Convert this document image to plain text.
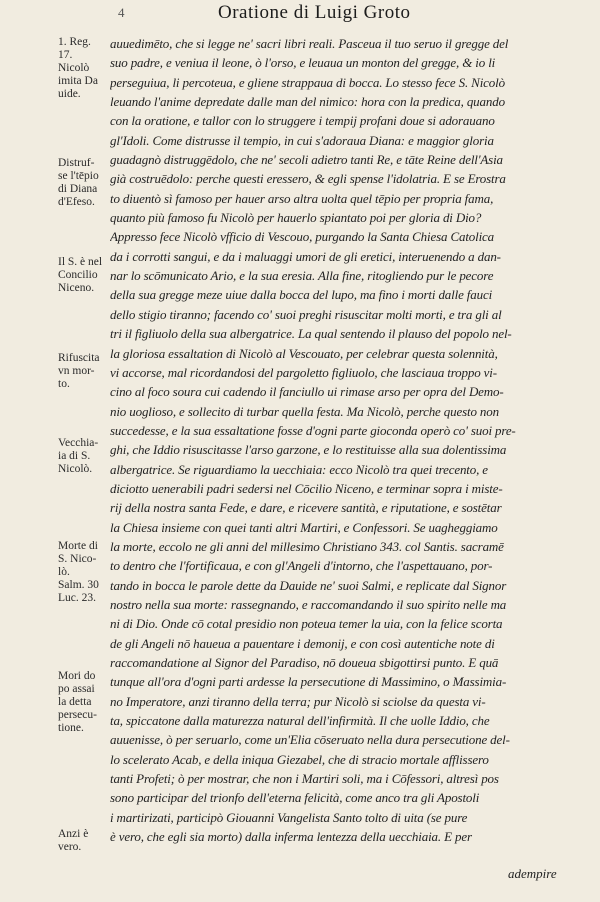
4	Oratione di Luigi Groto
1. Reg.
17.
Nicolò
imita Da
uide.
Distruf-
se l'tēpio
di Diana
d'Efeso.
Il S. è nel
Concilio
Niceno.
Rifuscita
vn mor-
to.
Vecchia-
ia di S.
Nicolò.
Morte di
S. Nico-
lò.
Salm. 30
Luc. 23.
Mori do
po assai
la detta
persecu-
tione.
Anzi è
vero.
auuedimēto, che si legge ne' sacri libri reali. Pasceua il tuo seruo il gregge del
suo padre, e veniua il leone, ò l'orso, e leuaua un monton del gregge, & io li
perseguiua, li percoteua, e gliene strappaua di bocca. Lo stesso fece S. Nicolò
leuando l'anime depredate dalle man del nimico: hora con la predica, quando
con la oratione, e tallor con lo struggere i tempij profani doue si adorauano
gl'Idoli. Come distrusse il tempio, in cui s'adoraua Diana: e maggior gloria
guadagnò distruggēdolo, che ne' secoli adietro tanti Re, e tāte Reine dell'Asia
già costruēdolo: perche questi eressero, & egli spense l'idolatria. E se Erostra
to diuentò sì famoso per hauer arso altra uolta quel tēpio per propria fama,
quanto più famoso fu Nicolò per hauerlo spiantato poi per gloria di Dio?
Appresso fece Nicolò vfficio di Vescouo, purgando la Santa Chiesa Catolica
da i corrotti sangui, e da i maluaggi umori de gli eretici, interuenendo a dan-
nar lo scōmunicato Ario, e la sua eresia. Alla fine, ritogliendo pur le pecore
della sua gregge meze uiue dalla bocca del lupo, ma fino i morti dalle fauci
dello stigio tiranno; facendo co' suoi preghi risuscitar molti morti, e tra gli al
tri il figliuolo della sua albergatrice. La qual sentendo il plauso del popolo nel-
la gloriosa essaltation di Nicolò al Vescouato, per celebrar questa solennità,
vi accorse, mal ricordandosi del pargoletto figliuolo, che lasciaua troppo vi-
cino al foco soura cui cadendo il fanciullo ui rimase arso per opra del Demo-
nio uoglioso, e sollecito di turbar quella festa. Ma Nicolò, perche questo non
succedesse, e la sua essaltatione fosse d'ogni parte gioconda operò co' suoi pre-
ghi, che Iddio risuscitasse l'arso garzone, e lo restituisse alla sua dolentissima
albergatrice. Se riguardiamo la uecchiaia: ecco Nicolò tra quei trecento, e
diciotto uenerabili padri sedersi nel Cōcilio Niceno, e terminar sopra i miste-
rij della nostra santa Fede, e dare, e ricevere santità, e riputatione, e sostētar
la Chiesa insieme con quei tanti altri Martiri, e Confessori. Se uagheggiamo
la morte, eccolo ne gli anni del millesimo Christiano 343. col Santis. sacramē
to dentro che l'fortificaua, e con gl'Angeli d'intorno, che l'aspettauano, por-
tando in bocca le parole dette da Dauide ne' suoi Salmi, e replicate dal Signor
nostro nella sua morte: rassegnando, e raccomandando il suo spirito nelle ma
ni di Dio. Onde cō cotal presidio non poteua temer la uia, con la felice scorta
de gli Angeli nō haueua a pauentare i demonij, e con così autentiche note di
raccomandatione al Signor del Paradiso, nō doueua sbigottirsi punto. E quā
tunque all'ora d'ogni parti ardesse la persecutione di Massimino, o Massimia-
no Imperatore, anzi tiranno della terra; pur Nicolò si sciolse da questa vi-
ta, spiccatone dalla maturezza natural dell'infirmità. Il che uolle Iddio, che
auuenisse, ò per seruarlo, come un'Elia cōseruato nella dura persecutione del-
lo scelerato Acab, e della iniqua Giezabel, che di stracio mortale afflissero
tanti Profeti; ò per mostrar, che non i Martiri soli, ma i Cōfessori, altresì pos
sono participar del trionfo dell'eterna felicità, come anco tra gli Apostoli
i martirizati, participò Giouanni Vangelista Santo tolto di uita (se pure
è vero, che egli sia morto) dalla inferma lentezza della uecchiaia. E per
adempire
